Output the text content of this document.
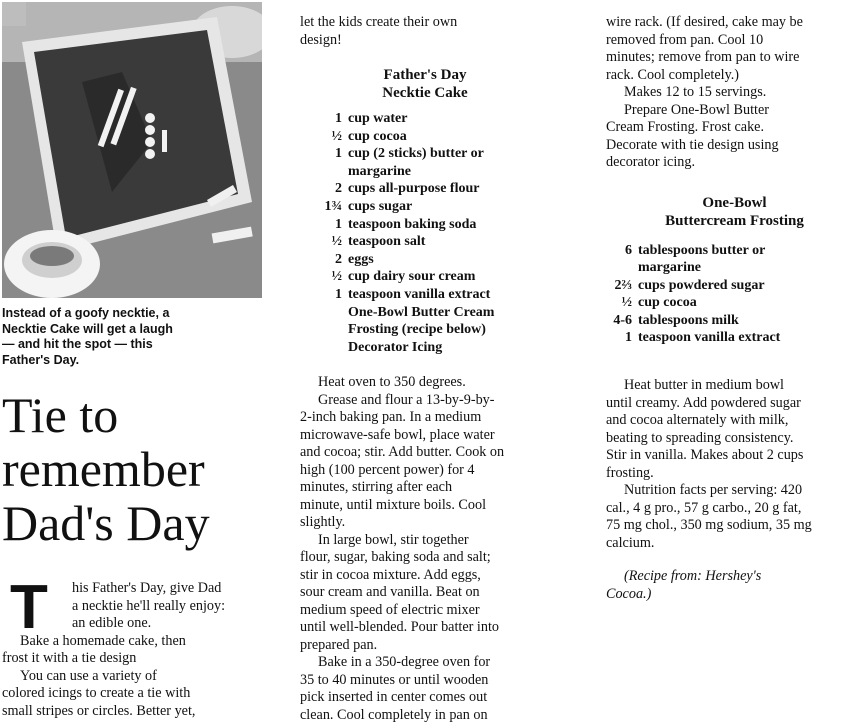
Instead of a goofy necktie, a
Necktie Cake will get a laugh
— and hit the spot — this
Father's Day.
Tie to
remember
Dad's Day
T	his Father's Day, give Dad
a necktie he'll really enjoy:
an edible one.
Bake a homemade cake, then
frost it with a tie design
You can use a variety of
colored icings to create a tie with
small stripes or circles. Better yet,
let the kids create their own
design!
Father's Day
Necktie Cake
1 cup water
½ cup cocoa
1 cup (2 sticks) butter or
margarine
2 cups all-purpose flour
1¾ cups sugar
1 teaspoon baking soda
½ teaspoon salt
2 eggs
½ cup dairy sour cream
1 teaspoon vanilla extract
One-Bowl Butter Cream
Frosting (recipe below)
Decorator Icing
Heat oven to 350 degrees.
Grease and flour a 13-by-9-by-
2-inch baking pan. In a medium
microwave-safe bowl, place water
and cocoa; stir. Add butter. Cook on
high (100 percent power) for 4
minutes, stirring after each
minute, until mixture boils. Cool
slightly.
In large bowl, stir together
flour, sugar, baking soda and salt;
stir in cocoa mixture. Add eggs,
sour cream and vanilla. Beat on
medium speed of electric mixer
until well-blended. Pour batter into
prepared pan.
Bake in a 350-degree oven for
35 to 40 minutes or until wooden
pick inserted in center comes out
clean. Cool completely in pan on
wire rack. (If desired, cake may be
removed from pan. Cool 10
minutes; remove from pan to wire
rack. Cool completely.)
Makes 12 to 15 servings.
Prepare One-Bowl Butter
Cream Frosting. Frost cake.
Decorate with tie design using
decorator icing.
One-Bowl
Buttercream Frosting
6 tablespoons butter or
margarine
2⅔ cups powdered sugar
½ cup cocoa
4-6 tablespoons milk
1 teaspoon vanilla extract
Heat butter in medium bowl
until creamy. Add powdered sugar
and cocoa alternately with milk,
beating to spreading consistency.
Stir in vanilla. Makes about 2 cups
frosting.
Nutrition facts per serving: 420
cal., 4 g pro., 57 g carbo., 20 g fat,
75 mg chol., 350 mg sodium, 35 mg
calcium.
(Recipe from: Hershey's
Cocoa.)
